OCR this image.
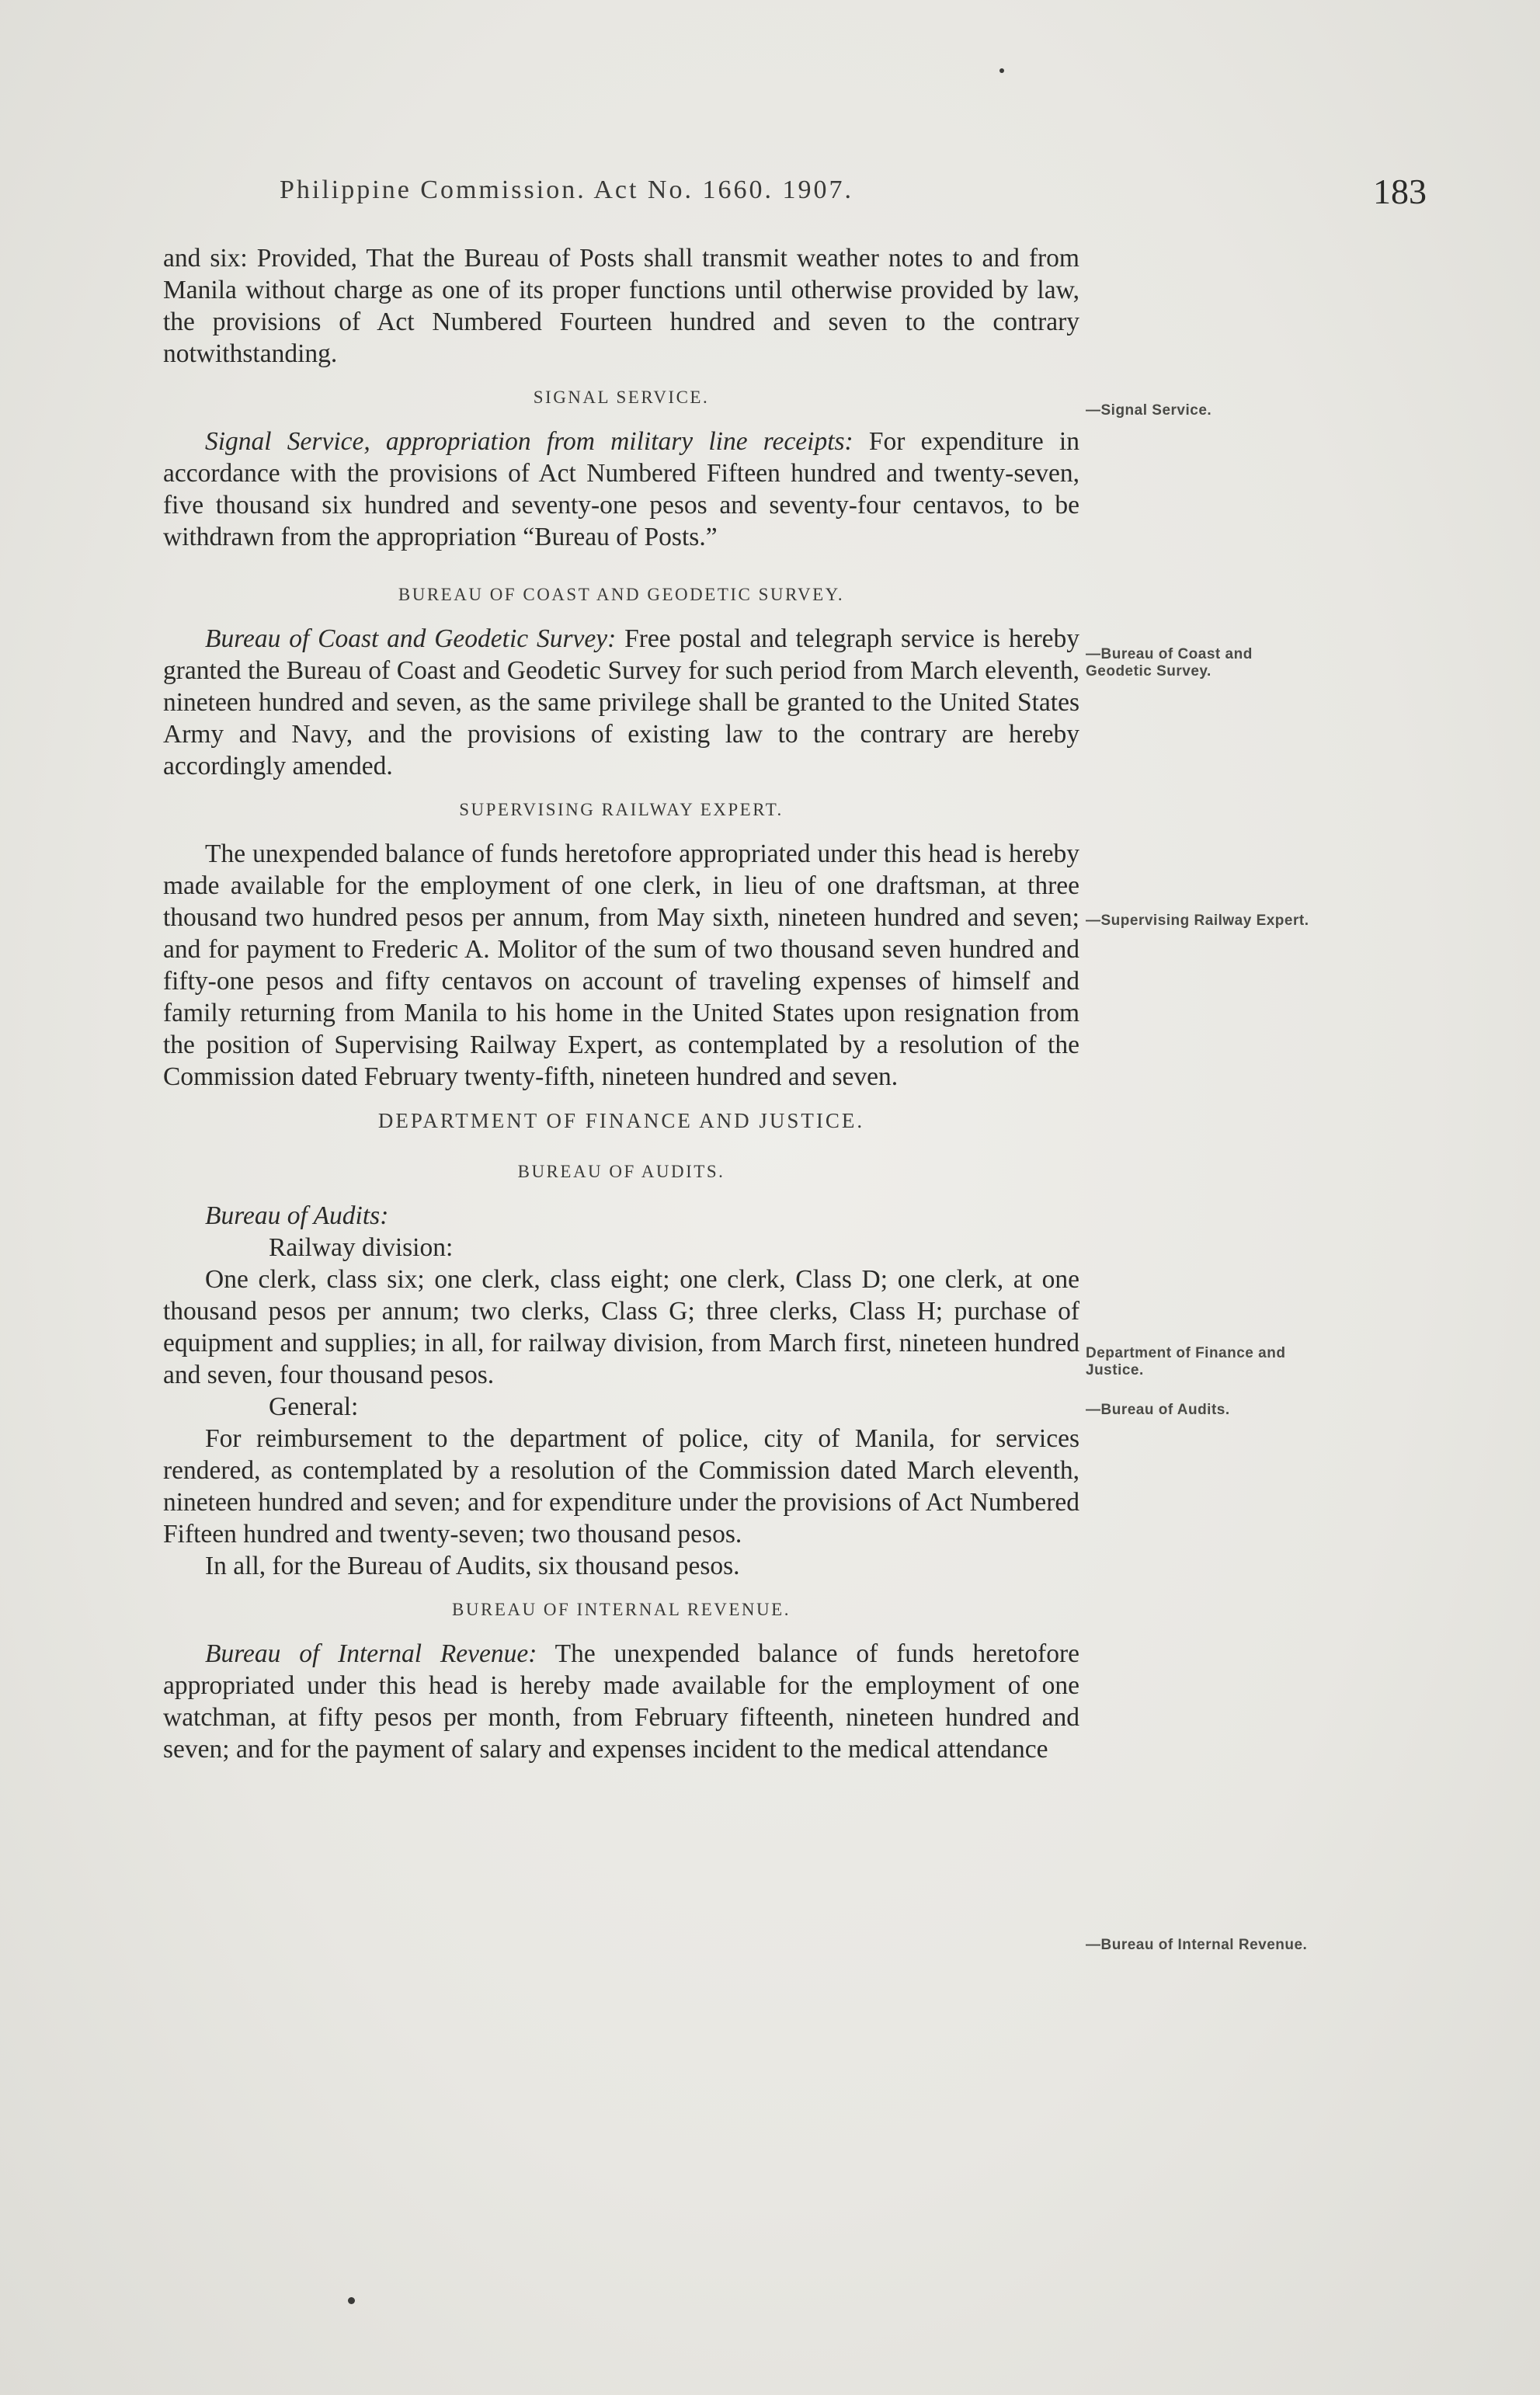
Philippine Commission. Act No. 1660. 1907.	183

and six: Provided, That the Bureau of Posts shall transmit weather notes to and from Manila without charge as one of its proper functions until otherwise provided by law, the provisions of Act Numbered Fourteen hundred and seven to the contrary notwithstanding.

SIGNAL SERVICE.

Signal Service, appropriation from military line receipts: For expenditure in accordance with the provisions of Act Numbered Fifteen hundred and twenty-seven, five thousand six hundred and seventy-one pesos and seventy-four centavos, to be withdrawn from the appropriation “Bureau of Posts.”

BUREAU OF COAST AND GEODETIC SURVEY.

Bureau of Coast and Geodetic Survey: Free postal and telegraph service is hereby granted the Bureau of Coast and Geodetic Survey for such period from March eleventh, nineteen hundred and seven, as the same privilege shall be granted to the United States Army and Navy, and the provisions of existing law to the contrary are hereby accordingly amended.

SUPERVISING RAILWAY EXPERT.

The unexpended balance of funds heretofore appropriated under this head is hereby made available for the employment of one clerk, in lieu of one draftsman, at three thousand two hundred pesos per annum, from May sixth, nineteen hundred and seven; and for payment to Frederic A. Molitor of the sum of two thousand seven hundred and fifty-one pesos and fifty centavos on account of traveling expenses of himself and family returning from Manila to his home in the United States upon resignation from the position of Supervising Railway Expert, as contemplated by a resolution of the Commission dated February twenty-fifth, nineteen hundred and seven.

DEPARTMENT OF FINANCE AND JUSTICE.
BUREAU OF AUDITS.

Bureau of Audits:

Railway division:

One clerk, class six; one clerk, class eight; one clerk, Class D; one clerk, at one thousand pesos per annum; two clerks, Class G; three clerks, Class H; purchase of equipment and supplies; in all, for railway division, from March first, nineteen hundred and seven, four thousand pesos.

General:

For reimbursement to the department of police, city of Manila, for services rendered, as contemplated by a resolution of the Commission dated March eleventh, nineteen hundred and seven; and for expenditure under the provisions of Act Numbered Fifteen hundred and twenty-seven; two thousand pesos.

In all, for the Bureau of Audits, six thousand pesos.

BUREAU OF INTERNAL REVENUE.

Bureau of Internal Revenue: The unexpended balance of funds heretofore appropriated under this head is hereby made available for the employment of one watchman, at fifty pesos per month, from February fifteenth, nineteen hundred and seven; and for the payment of salary and expenses incident to the medical attendance

—Signal Service.
—Bureau of Coast and Geodetic Survey.
—Supervising Railway Expert.
Department of Finance and Justice.
—Bureau of Audits.
—Bureau of Internal Revenue.
